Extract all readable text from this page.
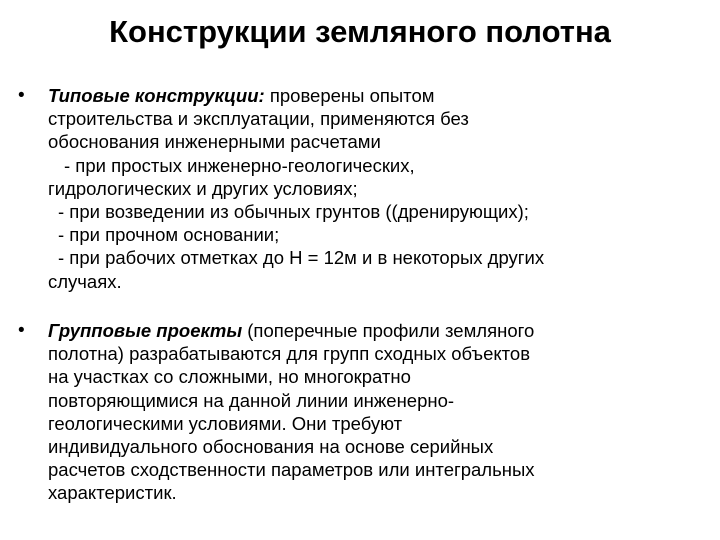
Конструкции земляного полотна
• Типовые конструкции: проверены опытом
строительства и эксплуатации, применяются без
обоснования инженерными расчетами
- при простых инженерно-геологических,
гидрологических и других условиях;
- при возведении из обычных грунтов ((дренирующих);
- при прочном основании;
- при рабочих отметках до Н = 12м и в некоторых других
случаях.
• Групповые проекты (поперечные профили земляного
полотна) разрабатываются для групп сходных объектов
на участках со сложными, но многократно
повторяющимися на данной линии инженерно-
геологическими условиями. Они требуют
индивидуального обоснования на основе серийных
расчетов сходственности параметров или интегральных
характеристик.
